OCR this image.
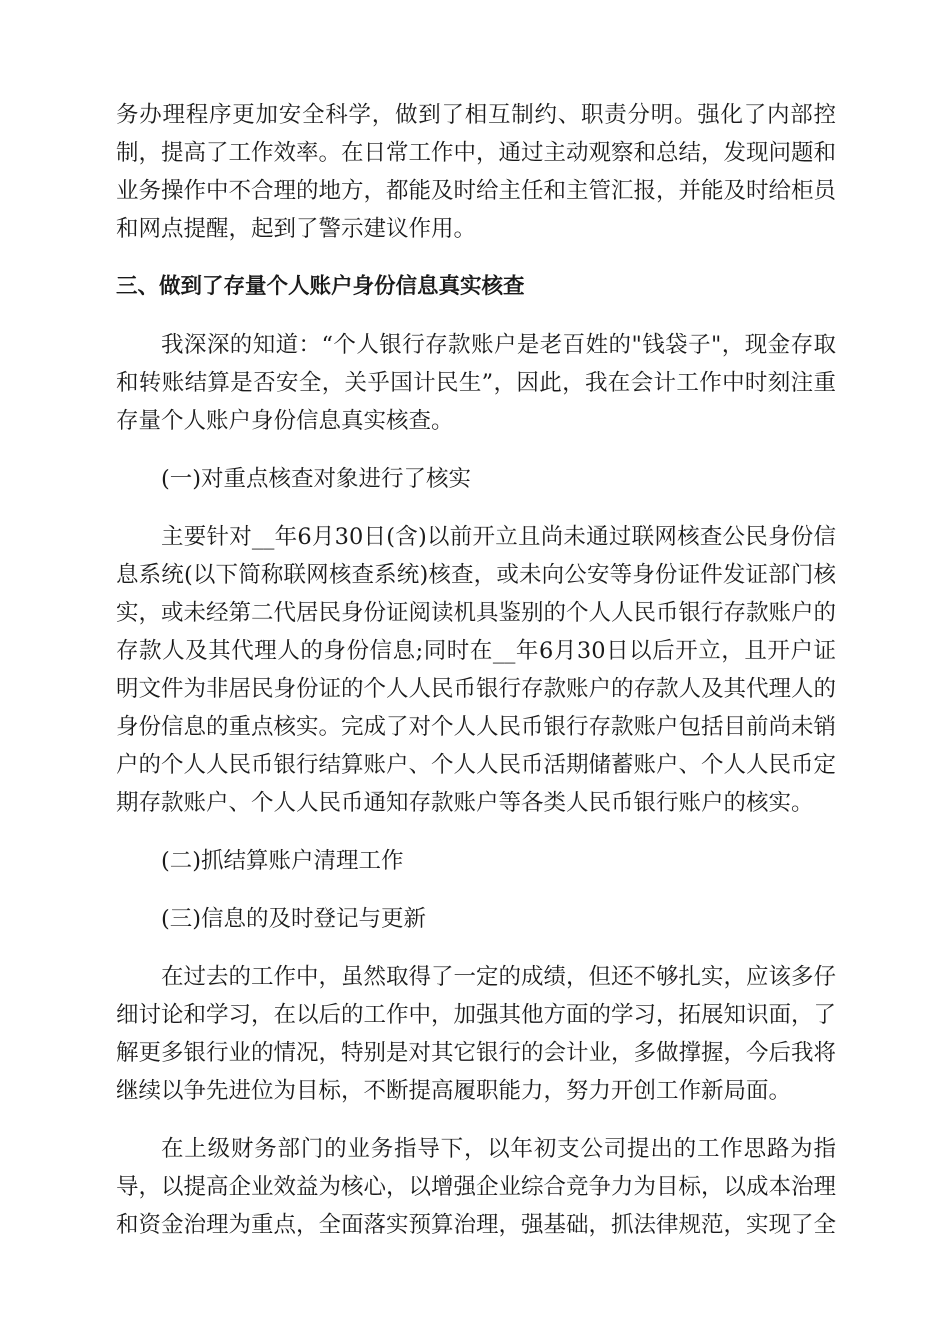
务办理程序更加安全科学，做到了相互制约、职责分明。强化了内部控制，提高了工作效率。在日常工作中，通过主动观察和总结，发现问题和业务操作中不合理的地方，都能及时给主任和主管汇报，并能及时给柜员和网点提醒，起到了警示建议作用。

三、做到了存量个人账户身份信息真实核查

我深深的知道：“个人银行存款账户是老百姓的"钱袋子"，现金存取和转账结算是否安全，关乎国计民生”，因此，我在会计工作中时刻注重存量个人账户身份信息真实核查。

(一)对重点核查对象进行了核实

主要针对__年6月30日(含)以前开立且尚未通过联网核查公民身份信息系统(以下简称联网核查系统)核查，或未向公安等身份证件发证部门核实，或未经第二代居民身份证阅读机具鉴别的个人人民币银行存款账户的存款人及其代理人的身份信息;同时在__年6月30日以后开立，且开户证明文件为非居民身份证的个人人民币银行存款账户的存款人及其代理人的身份信息的重点核实。完成了对个人人民币银行存款账户包括目前尚未销户的个人人民币银行结算账户、个人人民币活期储蓄账户、个人人民币定期存款账户、个人人民币通知存款账户等各类人民币银行账户的核实。

(二)抓结算账户清理工作

(三)信息的及时登记与更新

在过去的工作中，虽然取得了一定的成绩，但还不够扎实，应该多仔细讨论和学习，在以后的工作中，加强其他方面的学习，拓展知识面，了解更多银行业的情况，特别是对其它银行的会计业，多做撑握，今后我将继续以争先进位为目标，不断提高履职能力，努力开创工作新局面。

在上级财务部门的业务指导下，以年初支公司提出的工作思路为指导，以提高企业效益为核心，以增强企业综合竞争力为目标，以成本治理和资金治理为重点，全面落实预算治理，强基础，抓法律规范，实现了全
